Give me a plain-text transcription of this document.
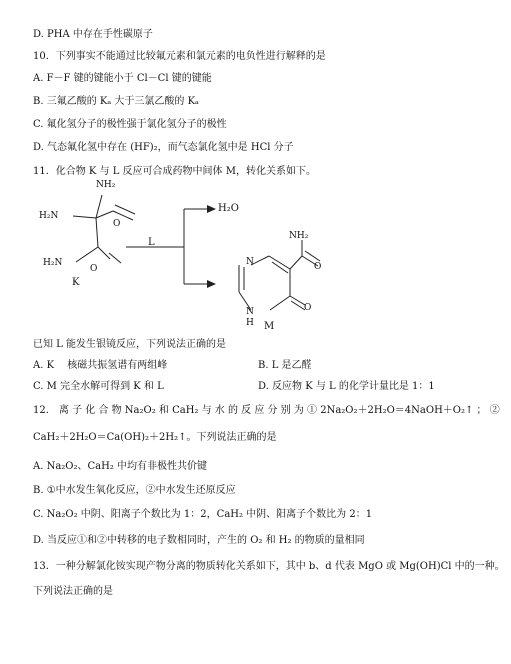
D. PHA 中存在手性碳原子
10．下列事实不能通过比较氟元素和氯元素的电负性进行解释的是
A. F－F 键的键能小于 Cl－Cl 键的键能
B. 三氟乙酸的 Kₐ 大于三氯乙酸的 Kₐ
C. 氟化氢分子的极性强于氯化氢分子的极性
D. 气态氟化氢中存在 (HF)₂，而气态氯化氢中是 HCl 分子
11．化合物 K 与 L 反应可合成药物中间体 M，转化关系如下。
NH₂
H₂N
O
H₂N
O
K
L
H₂O
N
N
H
NH₂
O
O
M
已知 L 能发生银镜反应，下列说法正确的是
A. K 　核磁共振氢谱有两组峰	B. L 是乙醛
C. M 完全水解可得到 K 和 L	D. 反应物 K 与 L 的化学计量比是 1：1
12． 离 子 化 合 物 Na₂O₂ 和 CaH₂ 与 水 的 反 应 分 别 为 ① 2Na₂O₂＋2H₂O＝4NaOH＋O₂↑ ； ②
CaH₂＋2H₂O＝Ca(OH)₂＋2H₂↑。下列说法正确的是
A. Na₂O₂、CaH₂ 中均有非极性共价键
B. ①中水发生氧化反应，②中水发生还原反应
C. Na₂O₂ 中阴、阳离子个数比为 1：2，CaH₂ 中阴、阳离子个数比为 2：1
D. 当反应①和②中转移的电子数相同时，产生的 O₂ 和 H₂ 的物质的量相同
13．一种分解氯化铵实现产物分离的物质转化关系如下，其中 b、d 代表 MgO 或 Mg(OH)Cl 中的一种。
下列说法正确的是
